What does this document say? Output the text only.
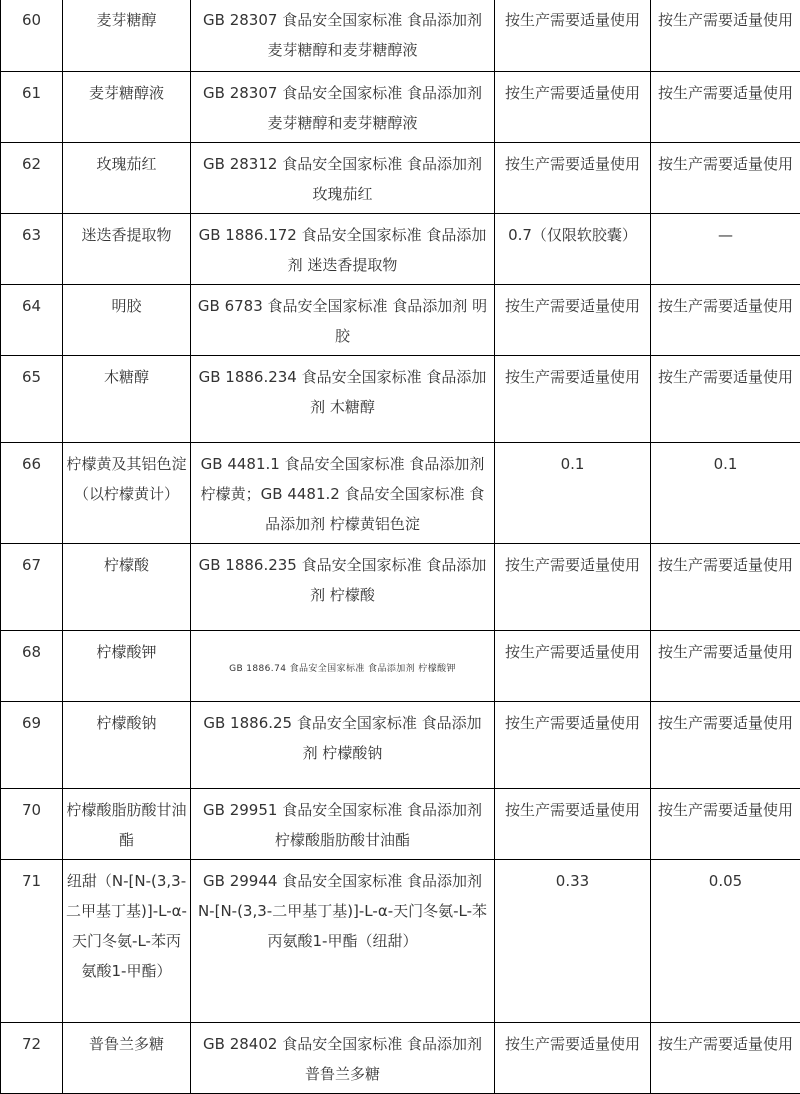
60	麦芽糖醇	GB 28307 食品安全国家标准 食品添加剂 麦芽糖醇和麦芽糖醇液	按生产需要适量使用	按生产需要适量使用
61	麦芽糖醇液	GB 28307 食品安全国家标准 食品添加剂 麦芽糖醇和麦芽糖醇液	按生产需要适量使用	按生产需要适量使用
62	玫瑰茄红	GB 28312 食品安全国家标准 食品添加剂 玫瑰茄红	按生产需要适量使用	按生产需要适量使用
63	迷迭香提取物	GB 1886.172 食品安全国家标准 食品添加剂 迷迭香提取物	0.7（仅限软胶囊）	—
64	明胶	GB 6783 食品安全国家标准 食品添加剂 明胶	按生产需要适量使用	按生产需要适量使用
65	木糖醇	GB 1886.234 食品安全国家标准 食品添加剂 木糖醇	按生产需要适量使用	按生产需要适量使用
66	柠檬黄及其铝色淀（以柠檬黄计）	GB 4481.1 食品安全国家标准 食品添加剂 柠檬黄；GB 4481.2 食品安全国家标准 食品添加剂 柠檬黄铝色淀	0.1	0.1
67	柠檬酸	GB 1886.235 食品安全国家标准 食品添加剂 柠檬酸	按生产需要适量使用	按生产需要适量使用
68	柠檬酸钾	GB 1886.74 食品安全国家标准 食品添加剂 柠檬酸钾	按生产需要适量使用	按生产需要适量使用
69	柠檬酸钠	GB 1886.25 食品安全国家标准 食品添加剂 柠檬酸钠	按生产需要适量使用	按生产需要适量使用
70	柠檬酸脂肪酸甘油酯	GB 29951 食品安全国家标准 食品添加剂 柠檬酸脂肪酸甘油酯	按生产需要适量使用	按生产需要适量使用
71	纽甜（N-[N-(3,3-二甲基丁基)]-L-α-天门冬氨-L-苯丙氨酸1-甲酯）	GB 29944 食品安全国家标准 食品添加剂 N-[N-(3,3-二甲基丁基)]-L-α-天门冬氨-L-苯丙氨酸1-甲酯（纽甜）	0.33	0.05
72	普鲁兰多糖	GB 28402 食品安全国家标准 食品添加剂 普鲁兰多糖	按生产需要适量使用	按生产需要适量使用
